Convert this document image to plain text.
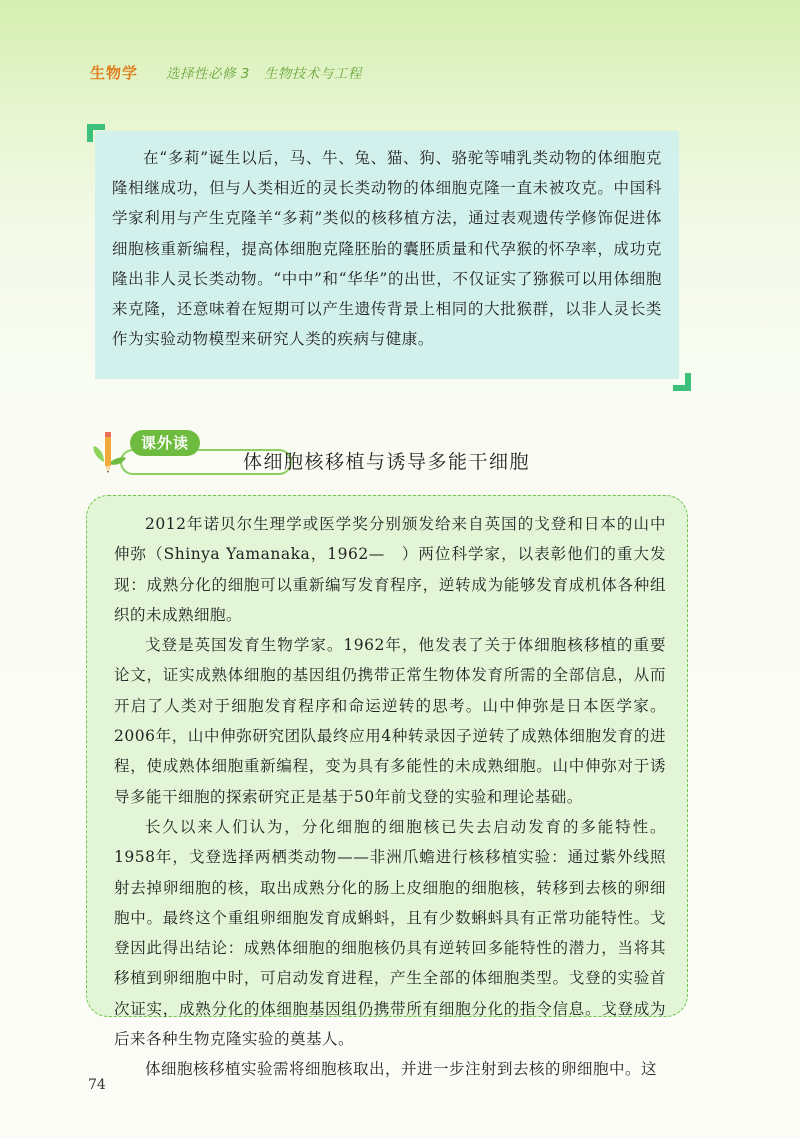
生物学 选择性必修 3　生物技术与工程

在“多莉”诞生以后，马、牛、兔、猫、狗、骆驼等哺乳类动物的体细胞克隆相继成功，但与人类相近的灵长类动物的体细胞克隆一直未被攻克。中国科学家利用与产生克隆羊“多莉”类似的核移植方法，通过表观遗传学修饰促进体细胞核重新编程，提高体细胞克隆胚胎的囊胚质量和代孕猴的怀孕率，成功克隆出非人灵长类动物。“中中”和“华华”的出世，不仅证实了猕猴可以用体细胞来克隆，还意味着在短期可以产生遗传背景上相同的大批猴群，以非人灵长类作为实验动物模型来研究人类的疾病与健康。

课外读
体细胞核移植与诱导多能干细胞

2012年诺贝尔生理学或医学奖分别颁发给来自英国的戈登和日本的山中伸弥（Shinya Yamanaka，1962—　）两位科学家，以表彰他们的重大发现：成熟分化的细胞可以重新编写发育程序，逆转成为能够发育成机体各种组织的未成熟细胞。

戈登是英国发育生物学家。1962年，他发表了关于体细胞核移植的重要论文，证实成熟体细胞的基因组仍携带正常生物体发育所需的全部信息，从而开启了人类对于细胞发育程序和命运逆转的思考。山中伸弥是日本医学家。2006年，山中伸弥研究团队最终应用4种转录因子逆转了成熟体细胞发育的进程，使成熟体细胞重新编程，变为具有多能性的未成熟细胞。山中伸弥对于诱导多能干细胞的探索研究正是基于50年前戈登的实验和理论基础。

长久以来人们认为，分化细胞的细胞核已失去启动发育的多能特性。1958年，戈登选择两栖类动物——非洲爪蟾进行核移植实验：通过紫外线照射去掉卵细胞的核，取出成熟分化的肠上皮细胞的细胞核，转移到去核的卵细胞中。最终这个重组卵细胞发育成蝌蚪，且有少数蝌蚪具有正常功能特性。戈登因此得出结论：成熟体细胞的细胞核仍具有逆转回多能特性的潜力，当将其移植到卵细胞中时，可启动发育进程，产生全部的体细胞类型。戈登的实验首次证实，成熟分化的体细胞基因组仍携带所有细胞分化的指令信息。戈登成为后来各种生物克隆实验的奠基人。

体细胞核移植实验需将细胞核取出，并进一步注射到去核的卵细胞中。这

74
